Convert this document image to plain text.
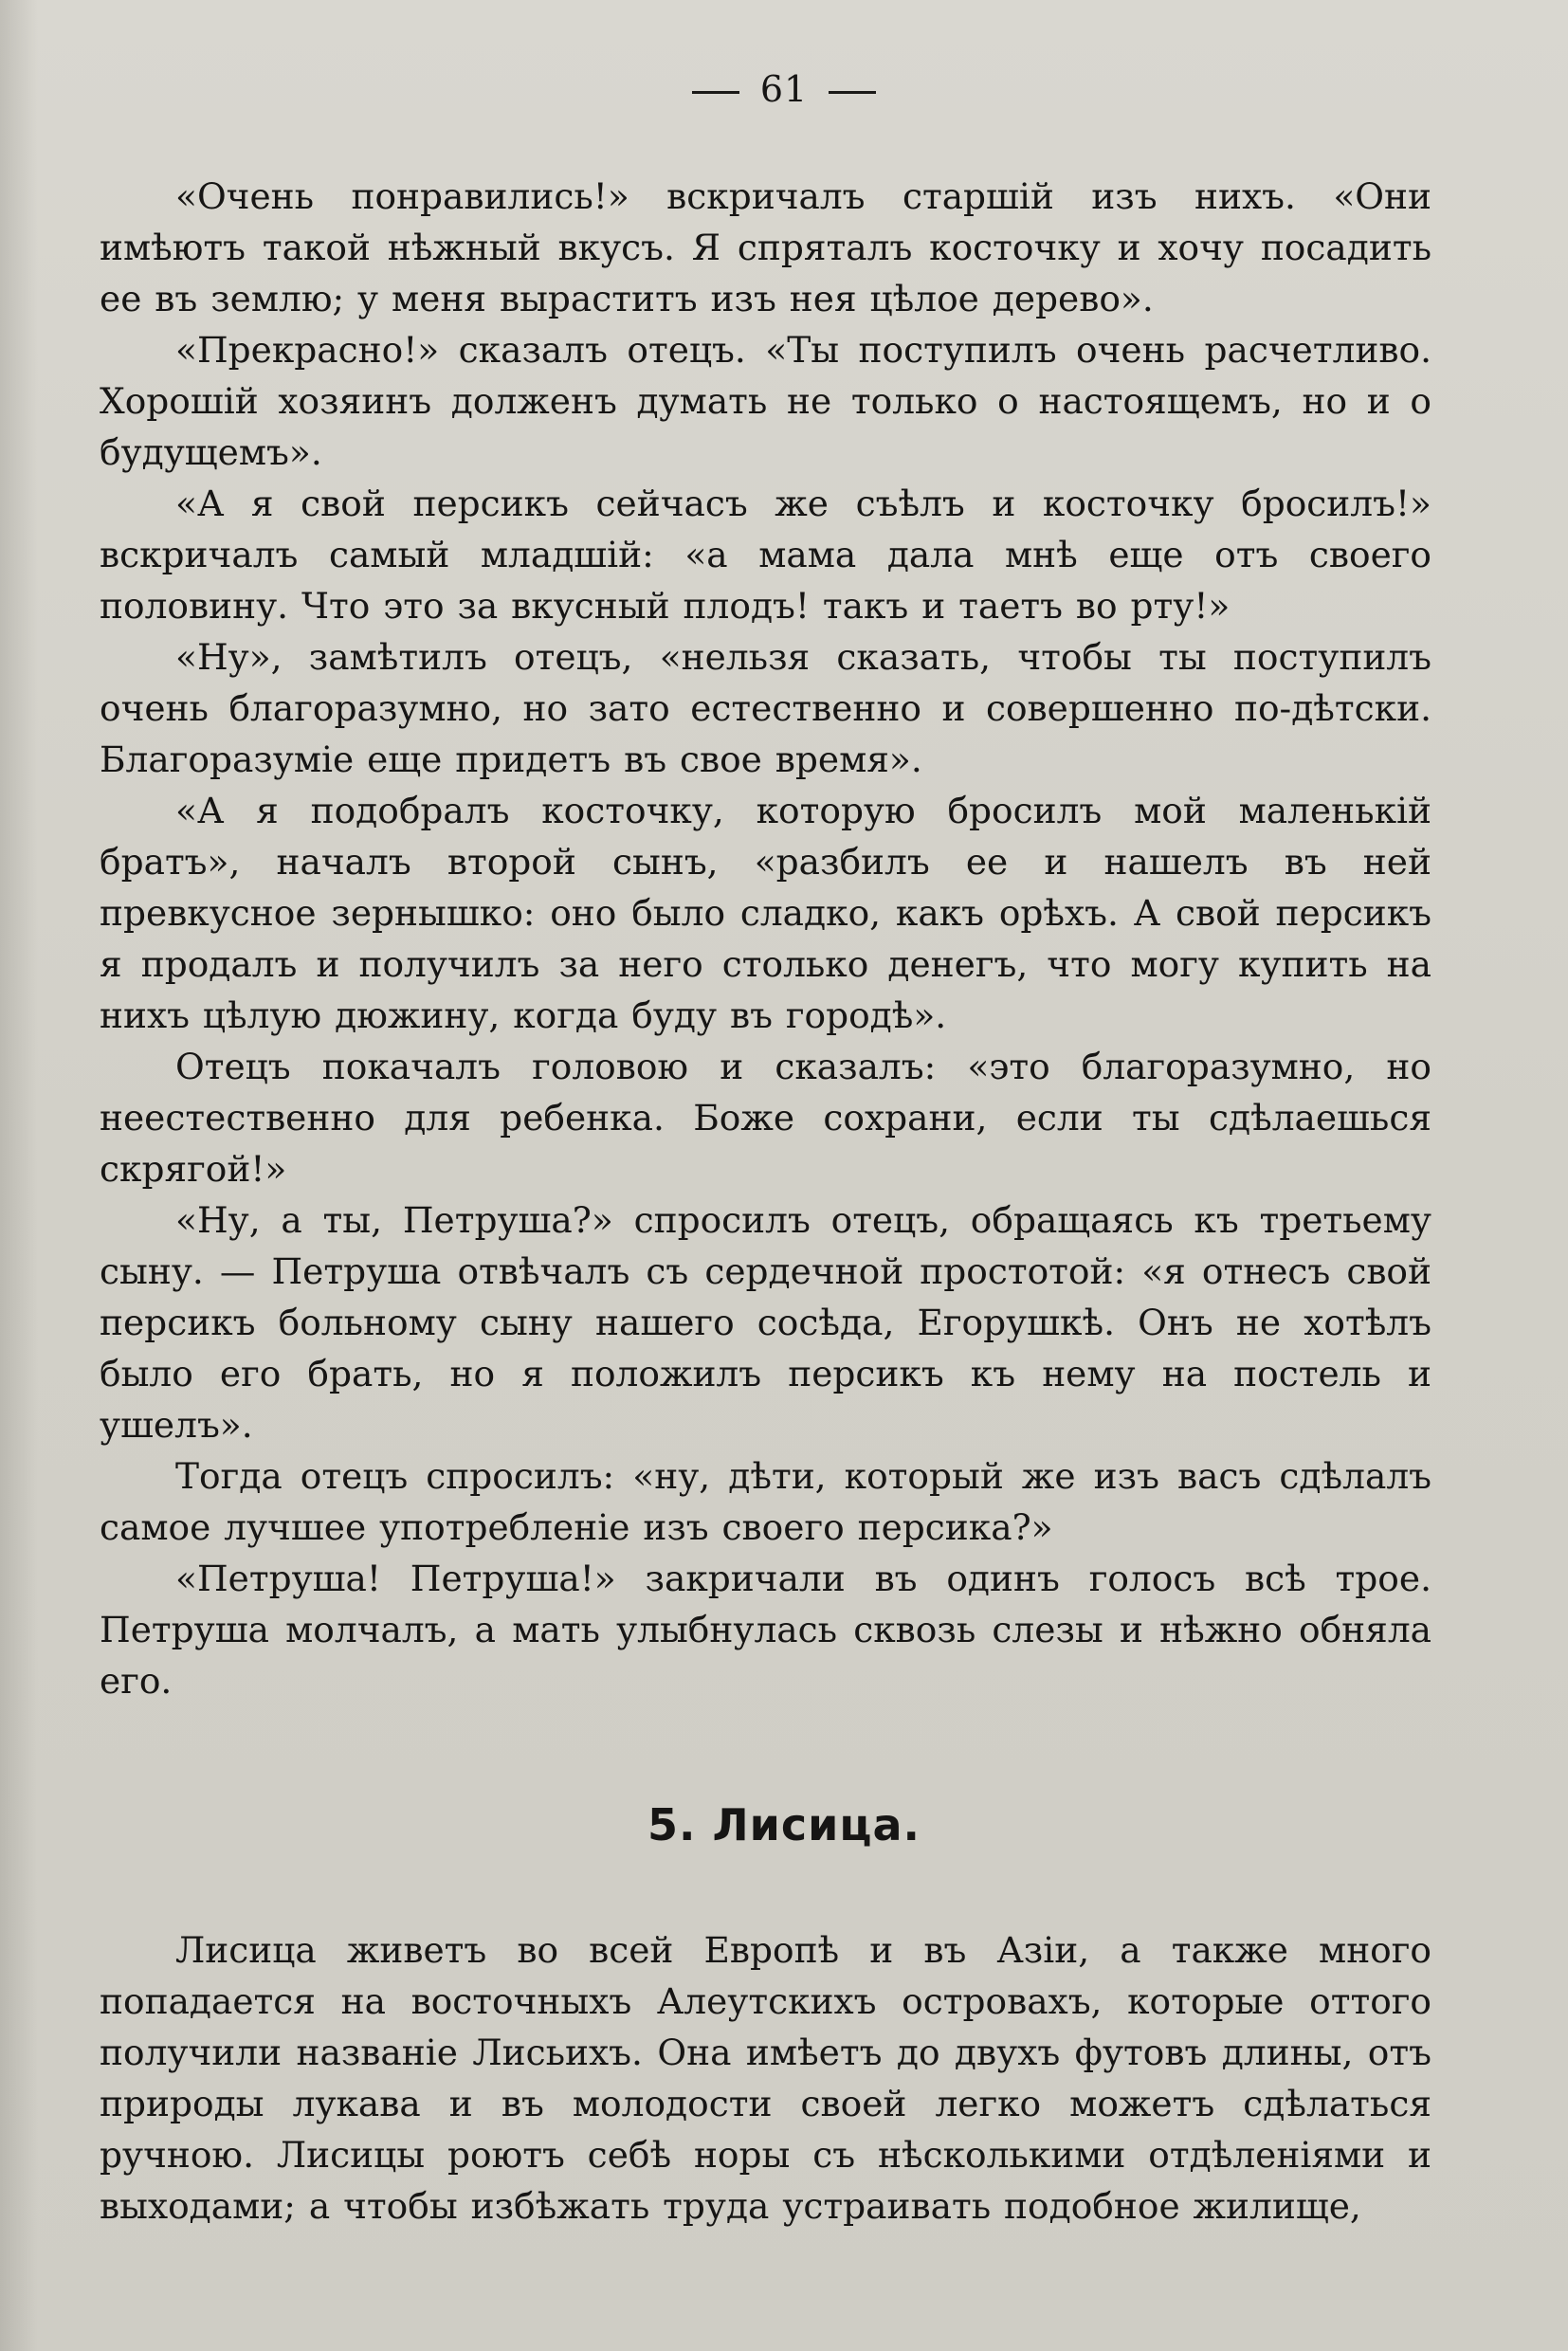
61

«Очень понравились!» вскричалъ старшій изъ нихъ. «Они имѣютъ такой нѣжный вкусъ. Я спряталъ косточку и хочу посадить ее въ землю; у меня выраститъ изъ нея цѣлое дерево».

«Прекрасно!» сказалъ отецъ. «Ты поступилъ очень расчетливо. Хорошій хозяинъ долженъ думать не только о настоящемъ, но и о будущемъ».

«А я свой персикъ сейчасъ же съѣлъ и косточку бросилъ!» вскричалъ самый младшій: «а мама дала мнѣ еще отъ своего половину. Что это за вкусный плодъ! такъ и таетъ во рту!»

«Ну», замѣтилъ отецъ, «нельзя сказать, чтобы ты поступилъ очень благоразумно, но зато естественно и совершенно по-дѣтски. Благоразуміе еще придетъ въ свое время».

«А я подобралъ косточку, которую бросилъ мой маленькій братъ», началъ второй сынъ, «разбилъ ее и нашелъ въ ней превкусное зернышко: оно было сладко, какъ орѣхъ. А свой персикъ я продалъ и получилъ за него столько денегъ, что могу купить на нихъ цѣлую дюжину, когда буду въ городѣ».

Отецъ покачалъ головою и сказалъ: «это благоразумно, но неестественно для ребенка. Боже сохрани, если ты сдѣлаешься скрягой!»

«Ну, а ты, Петруша?» спросилъ отецъ, обращаясь къ третьему сыну. — Петруша отвѣчалъ съ сердечной простотой: «я отнесъ свой персикъ больному сыну нашего сосѣда, Егорушкѣ. Онъ не хотѣлъ было его брать, но я положилъ персикъ къ нему на постель и ушелъ».

Тогда отецъ спросилъ: «ну, дѣти, который же изъ васъ сдѣлалъ самое лучшее употребленіе изъ своего персика?»

«Петруша! Петруша!» закричали въ одинъ голосъ всѣ трое. Петруша молчалъ, а мать улыбнулась сквозь слезы и нѣжно обняла его.

5. Лисица.

Лисица живетъ во всей Европѣ и въ Азіи, а также много попадается на восточныхъ Алеутскихъ островахъ, которые оттого получили названіе Лисьихъ. Она имѣетъ до двухъ футовъ длины, отъ природы лукава и въ молодости своей легко можетъ сдѣлаться ручною. Лисицы роютъ себѣ норы съ нѣсколькими отдѣленіями и выходами; а чтобы избѣжать труда устраивать подобное жилище,
